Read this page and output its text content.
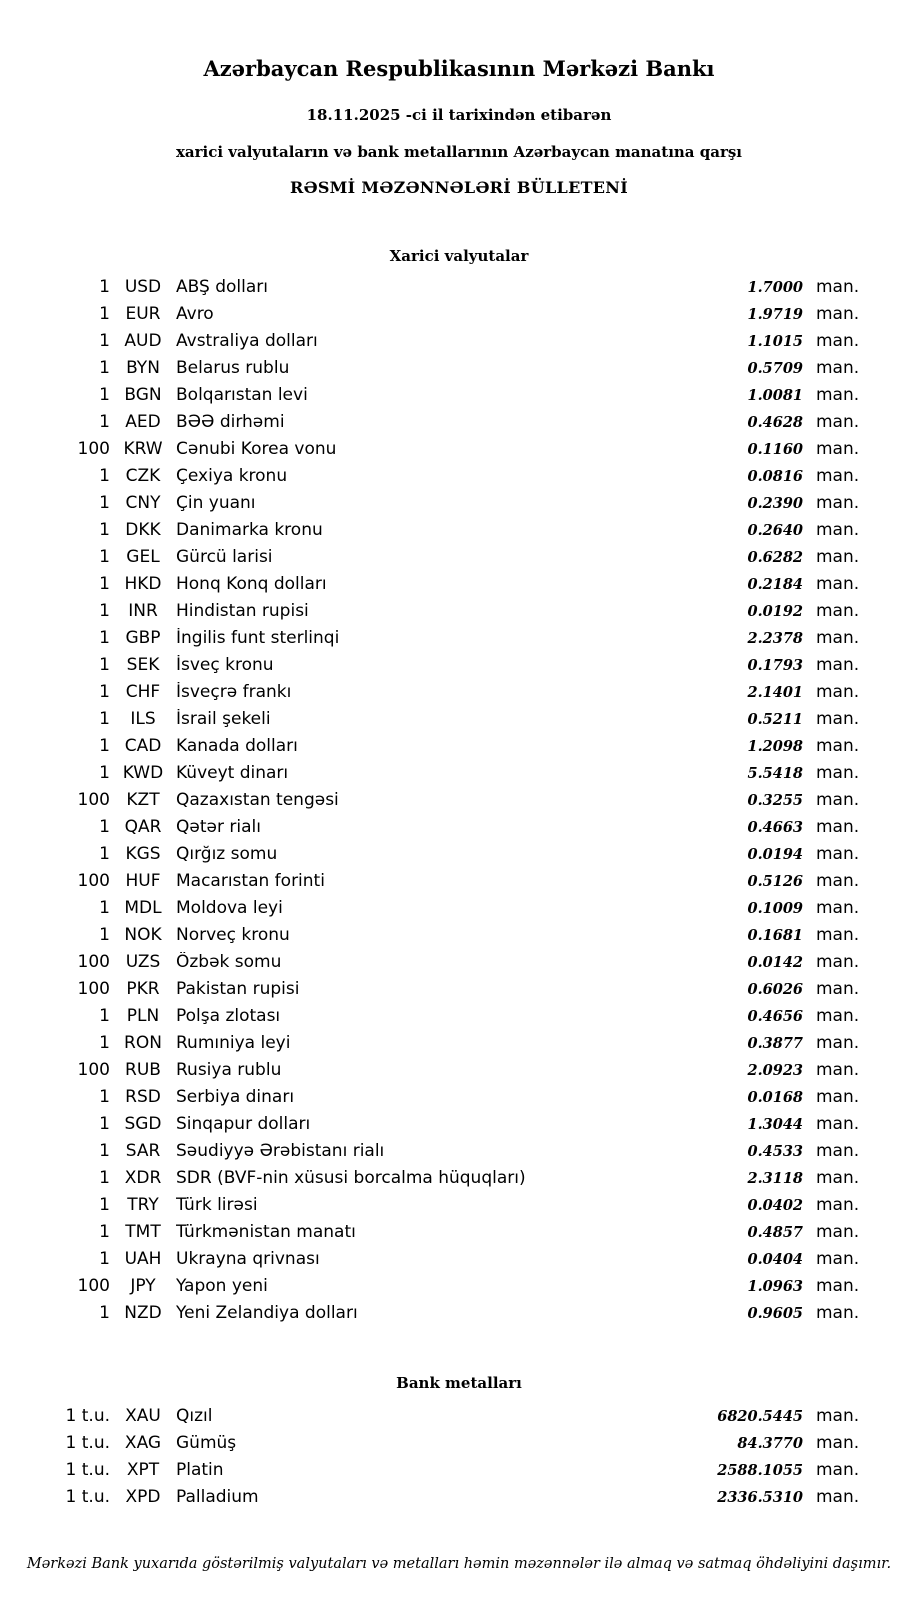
Azərbaycan Respublikasının Mərkəzi Bankı
18.11.2025 -ci il tarixindən etibarən
xarici valyutaların və bank metallarının Azərbaycan manatına qarşı
RƏSMİ MƏZƏNNƏLƏRİ BÜLLETENİ
Xarici valyutalar
1 USD ABŞ dolları	1.7000 man.
1 EUR Avro	1.9719 man.
1 AUD Avstraliya dolları	1.1015 man.
1 BYN Belarus rublu	0.5709 man.
1 BGN Bolqarıstan levi	1.0081 man.
1 AED BƏƏ dirhəmi	0.4628 man.
100 KRW Cənubi Korea vonu	0.1160 man.
1 CZK Çexiya kronu	0.0816 man.
1 CNY Çin yuanı	0.2390 man.
1 DKK Danimarka kronu	0.2640 man.
1 GEL Gürcü larisi	0.6282 man.
1 HKD Honq Konq dolları	0.2184 man.
1	INR	Hindistan rupisi	0.0192 man.
1 GBP İngilis funt sterlinqi	2.2378 man.
1 SEK İsveç kronu	0.1793 man.
1 CHF İsveçrə frankı	2.1401 man.
1	ILS	İsrail şekeli	0.5211 man.
1 CAD Kanada dolları	1.2098 man.
1 KWD Küveyt dinarı	5.5418 man.
100 KZT Qazaxıstan tengəsi	0.3255 man.
1 QAR Qətər rialı	0.4663 man.
1 KGS Qırğız somu	0.0194 man.
100 HUF Macarıstan forinti	0.5126 man.
1 MDL Moldova leyi	0.1009 man.
1 NOK Norveç kronu	0.1681 man.
100 UZS Özbək somu	0.0142 man.
100 PKR Pakistan rupisi	0.6026 man.
1 PLN Polşa zlotası	0.4656 man.
1 RON Rumıniya leyi	0.3877 man.
100 RUB Rusiya rublu	2.0923 man.
1 RSD Serbiya dinarı	0.0168 man.
1 SGD Sinqapur dolları	1.3044 man.
1 SAR Səudiyyə Ərəbistanı rialı	0.4533 man.
1 XDR SDR (BVF-nin xüsusi borcalma hüquqları)	2.3118 man.
1	TRY	Türk lirəsi	0.0402 man.
1 TMT Türkmənistan manatı	0.4857 man.
1 UAH Ukrayna qrivnası	0.0404 man.
100	JPY	Yapon yeni	1.0963 man.
1 NZD Yeni Zelandiya dolları	0.9605 man.
Bank metalları
1 t.u. XAU Qızıl	6820.5445 man.
1 t.u. XAG Gümüş	84.3770 man.
1 t.u. XPT Platin	2588.1055 man.
1 t.u. XPD Palladium	2336.5310 man.
Mərkəzi Bank yuxarıda göstərilmiş valyutaları və metalları həmin məzənnələr ilə almaq və satmaq öhdəliyini daşımır.
